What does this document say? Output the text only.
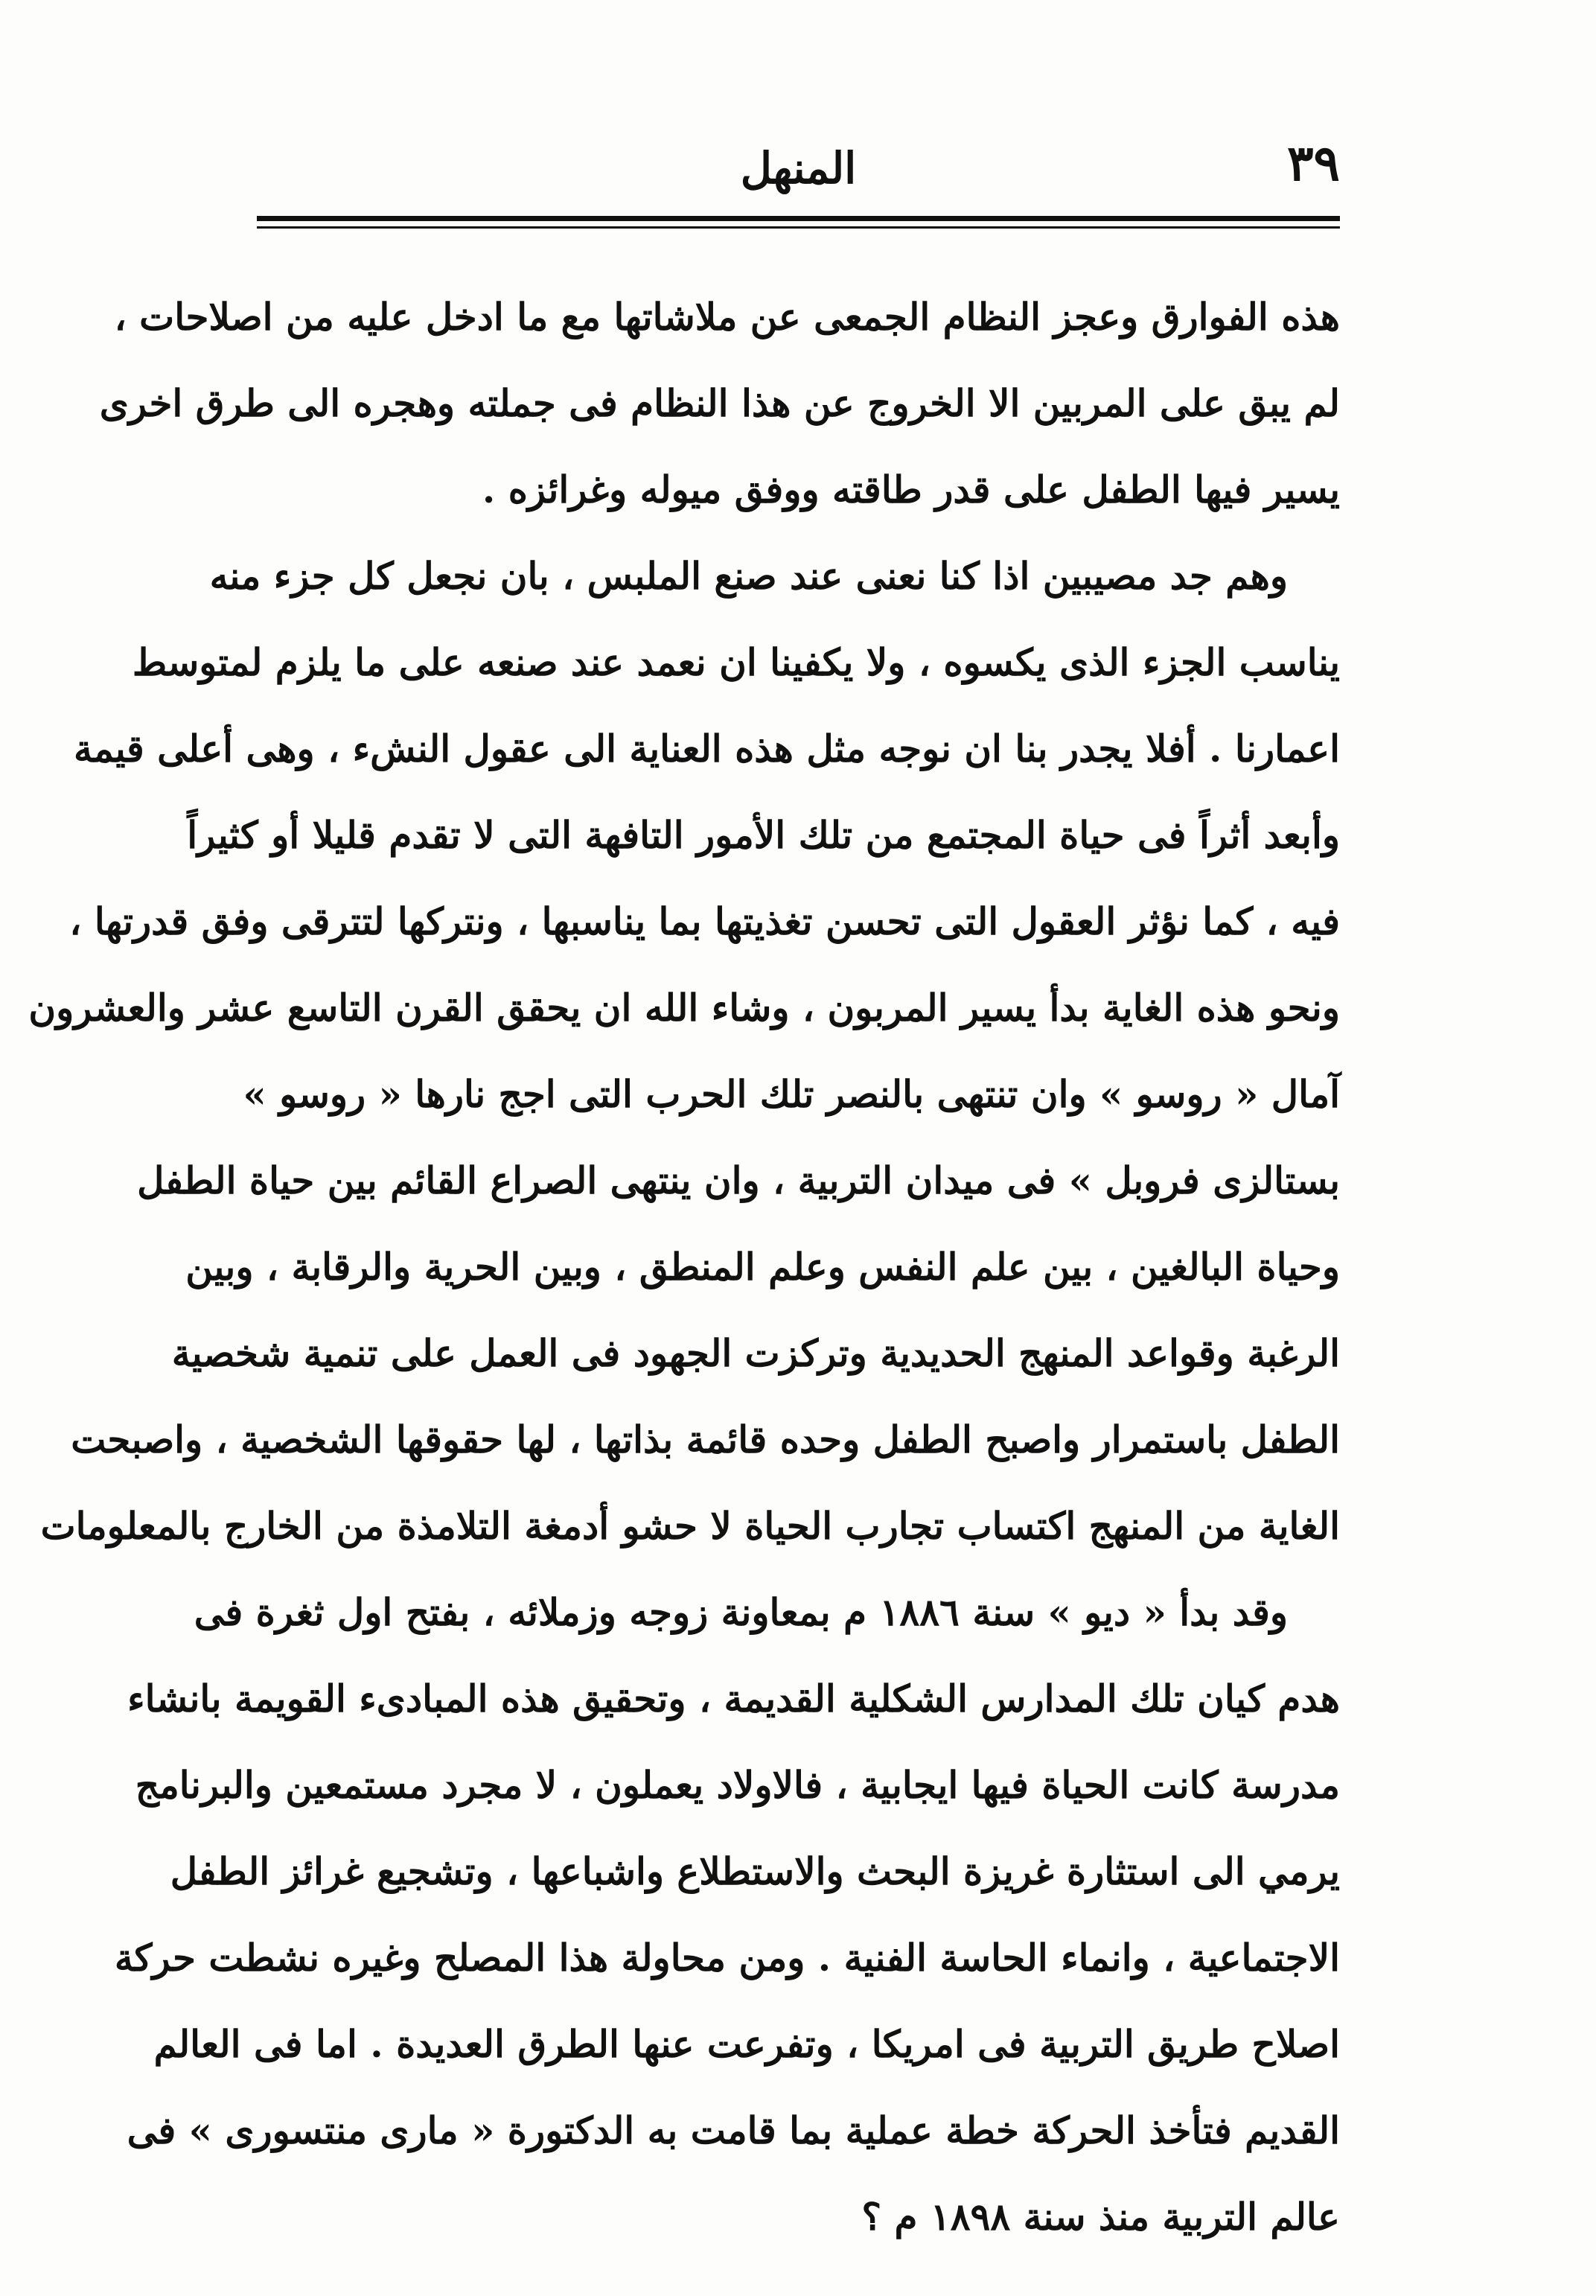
٣٩
المنهل
هذه الفوارق وعجز النظام الجمعى عن ملاشاتها مع ما ادخل عليه من اصلاحات ،
لم يبق على المربين الا الخروج عن هذا النظام فى جملته وهجره الى طرق اخرى
يسير فيها الطفل على قدر طاقته ووفق ميوله وغرائزه .
وهم جد مصيبين اذا كنا نعنى عند صنع الملبس ، بان نجعل كل جزء منه
يناسب الجزء الذى يكسوه ، ولا يكفينا ان نعمد عند صنعه على ما يلزم لمتوسط
اعمارنا . أفلا يجدر بنا ان نوجه مثل هذه العناية الى عقول النشء ، وهى أعلى قيمة
وأبعد أثراً فى حياة المجتمع من تلك الأمور التافهة التى لا تقدم قليلا أو كثيراً
فيه ، كما نؤثر العقول التى تحسن تغذيتها بما يناسبها ، ونتركها لتترقى وفق قدرتها ،
ونحو هذه الغاية بدأ يسير المربون ، وشاء الله ان يحقق القرن التاسع عشر والعشرون
آمال « روسو » وان تنتهى بالنصر تلك الحرب التى اجج نارها « روسو »
بستالزى فروبل » فى ميدان التربية ، وان ينتهى الصراع القائم بين حياة الطفل
وحياة البالغين ، بين علم النفس وعلم المنطق ، وبين الحرية والرقابة ، وبين
الرغبة وقواعد المنهج الحديدية وتركزت الجهود فى العمل على تنمية شخصية
الطفل باستمرار واصبح الطفل وحده قائمة بذاتها ، لها حقوقها الشخصية ، واصبحت
الغاية من المنهج اكتساب تجارب الحياة لا حشو أدمغة التلامذة من الخارج بالمعلومات
وقد بدأ « ديو » سنة ١٨٨٦ م بمعاونة زوجه وزملائه ، بفتح اول ثغرة فى
هدم كيان تلك المدارس الشكلية القديمة ، وتحقيق هذه المبادىء القويمة بانشاء
مدرسة كانت الحياة فيها ايجابية ، فالاولاد يعملون ، لا مجرد مستمعين والبرنامج
يرمي الى استثارة غريزة البحث والاستطلاع واشباعها ، وتشجيع غرائز الطفل
الاجتماعية ، وانماء الحاسة الفنية . ومن محاولة هذا المصلح وغيره نشطت حركة
اصلاح طريق التربية فى امريكا ، وتفرعت عنها الطرق العديدة . اما فى العالم
القديم فتأخذ الحركة خطة عملية بما قامت به الدكتورة « مارى منتسورى » فى
عالم التربية منذ سنة ١٨٩٨ م ؟
